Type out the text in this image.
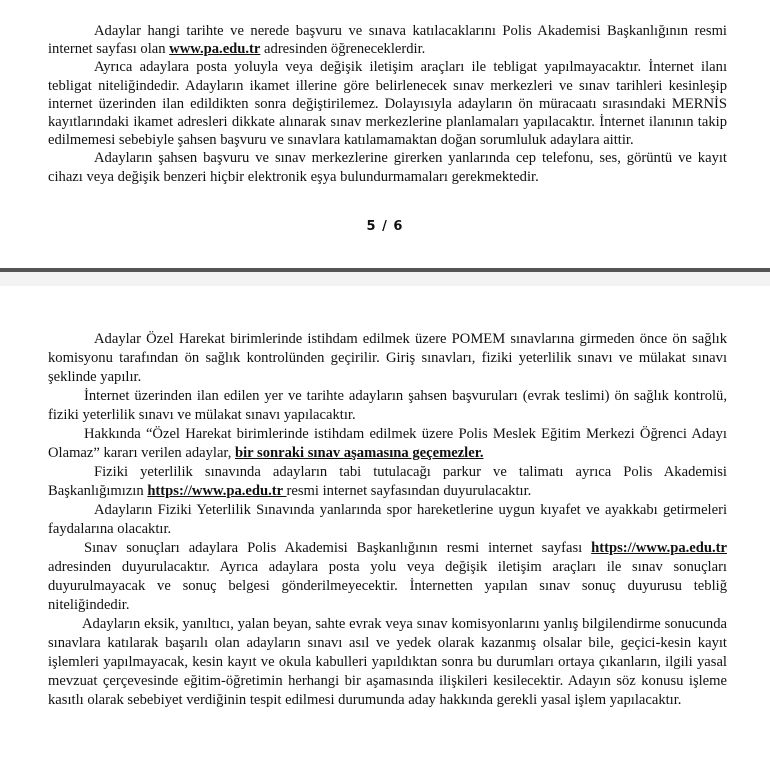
Adaylar hangi tarihte ve nerede başvuru ve sınava katılacaklarını Polis Akademisi Başkanlığının resmi internet sayfası olan www.pa.edu.tr adresinden öğreneceklerdir.

Ayrıca adaylara posta yoluyla veya değişik iletişim araçları ile tebligat yapılmayacaktır. İnternet ilanı tebligat niteliğindedir. Adayların ikamet illerine göre belirlenecek sınav merkezleri ve sınav tarihleri kesinleşip internet üzerinden ilan edildikten sonra değiştirilemez. Dolayısıyla adayların ön müracaatı sırasındaki MERNİS kayıtlarındaki ikamet adresleri dikkate alınarak sınav merkezlerine planlamaları yapılacaktır. İnternet ilanının takip edilmemesi sebebiyle şahsen başvuru ve sınavlara katılamamaktan doğan sorumluluk adaylara aittir.

Adayların şahsen başvuru ve sınav merkezlerine girerken yanlarında cep telefonu, ses, görüntü ve kayıt cihazı veya değişik benzeri hiçbir elektronik eşya bulundurmamaları gerekmektedir.

5 / 6

Adaylar Özel Harekat birimlerinde istihdam edilmek üzere POMEM sınavlarına girmeden önce ön sağlık komisyonu tarafından ön sağlık kontrolünden geçirilir. Giriş sınavları, fiziki yeterlilik sınavı ve mülakat sınavı şeklinde yapılır.

İnternet üzerinden ilan edilen yer ve tarihte adayların şahsen başvuruları (evrak teslimi) ön sağlık kontrolü, fiziki yeterlilik sınavı ve mülakat sınavı yapılacaktır.

Hakkında “Özel Harekat birimlerinde istihdam edilmek üzere Polis Meslek Eğitim Merkezi Öğrenci Adayı Olamaz” kararı verilen adaylar, bir sonraki sınav aşamasına geçemezler.

Fiziki yeterlilik sınavında adayların tabi tutulacağı parkur ve talimatı ayrıca Polis Akademisi Başkanlığımızın https://www.pa.edu.tr resmi internet sayfasından duyurulacaktır.

Adayların Fiziki Yeterlilik Sınavında yanlarında spor hareketlerine uygun kıyafet ve ayakkabı getirmeleri faydalarına olacaktır.

Sınav sonuçları adaylara Polis Akademisi Başkanlığının resmi internet sayfası https://www.pa.edu.tr adresinden duyurulacaktır. Ayrıca adaylara posta yolu veya değişik iletişim araçları ile sınav sonuçları duyurulmayacak ve sonuç belgesi gönderilmeyecektir. İnternetten yapılan sınav sonuç duyurusu tebliğ niteliğindedir.

Adayların eksik, yanıltıcı, yalan beyan, sahte evrak veya sınav komisyonlarını yanlış bilgilendirme sonucunda sınavlara katılarak başarılı olan adayların sınavı asıl ve yedek olarak kazanmış olsalar bile, geçici-kesin kayıt işlemleri yapılmayacak, kesin kayıt ve okula kabulleri yapıldıktan sonra bu durumları ortaya çıkanların, ilgili yasal mevzuat çerçevesinde eğitim-öğretimin herhangi bir aşamasında ilişkileri kesilecektir. Adayın söz konusu işleme kasıtlı olarak sebebiyet verdiğinin tespit edilmesi durumunda aday hakkında gerekli yasal işlem yapılacaktır.
